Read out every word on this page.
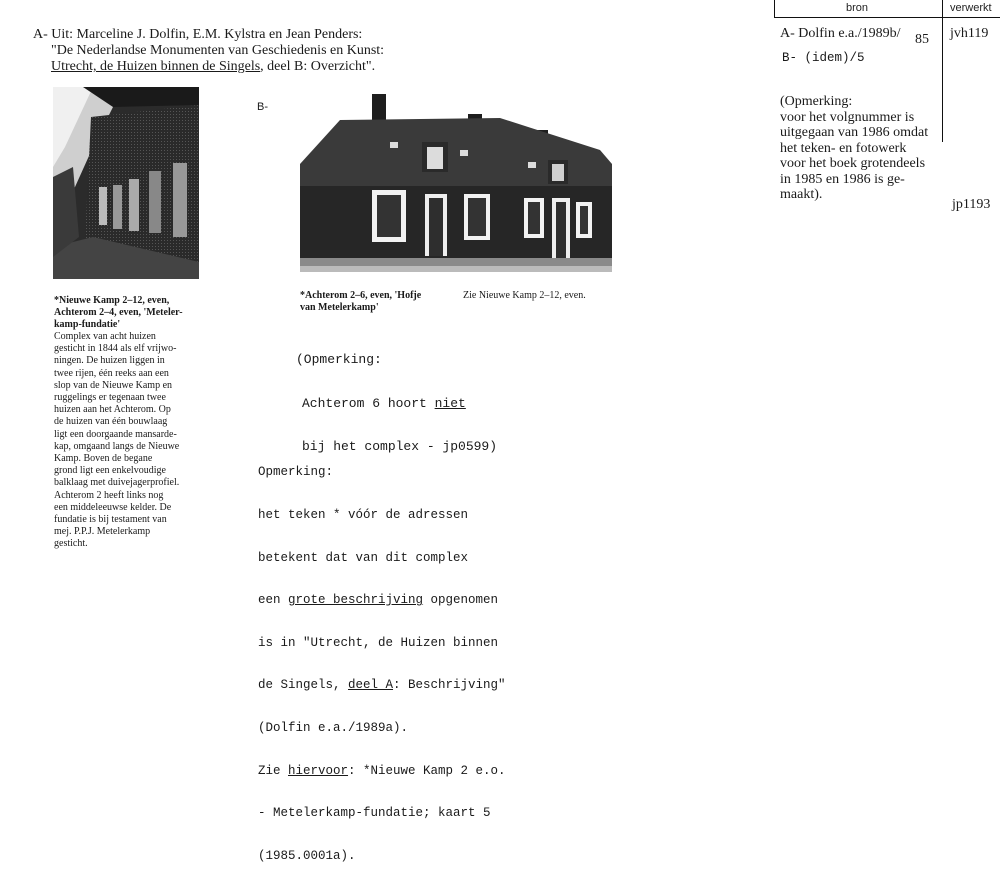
bron	verwerkt
A- Dolfin e.a./1989b/ 85 jvh119
B- (idem)/5
(Opmerking:
voor het volgnummer is
uitgegaan van 1986 omdat
het teken- en fotowerk
voor het boek grotendeels
in 1985 en 1986 is ge-
maakt).
jp1193
A- Uit: Marceline J. Dolfin, E.M. Kylstra en Jean Penders:
"De Nederlandse Monumenten van Geschiedenis en Kunst:
Utrecht, de Huizen binnen de Singels, deel B: Overzicht".
B-
*Nieuwe Kamp 2–12, even,
Achterom 2–4, even, 'Meteler-
kamp-fundatie'
Complex van acht huizen
gesticht in 1844 als elf vrijwo-
ningen. De huizen liggen in
twee rijen, één reeks aan een
slop van de Nieuwe Kamp en
ruggelings er tegenaan twee
huizen aan het Achterom. Op
de huizen van één bouwlaag
ligt een doorgaande mansarde-
kap, omgaand langs de Nieuwe
Kamp. Boven de begane
grond ligt een enkelvoudige
balklaag met duivejagerprofiel.
Achterom 2 heeft links nog
een middeleeuwse kelder. De
fundatie is bij testament van
mej. P.P.J. Metelerkamp
gesticht.
*Achterom 2–6, even, 'Hofje
van Metelerkamp'
Zie Nieuwe Kamp 2–12, even.

(Opmerking:

Achterom 6 hoort niet

bij het complex - jp0599)

Opmerking:

het teken * vóór de adressen

betekent dat van dit complex

een grote beschrijving opgenomen

is in "Utrecht, de Huizen binnen

de Singels, deel A: Beschrijving"

(Dolfin e.a./1989a).

Zie hiervoor: *Nieuwe Kamp 2 e.o.

- Metelerkamp-fundatie; kaart 5

(1985.0001a).
